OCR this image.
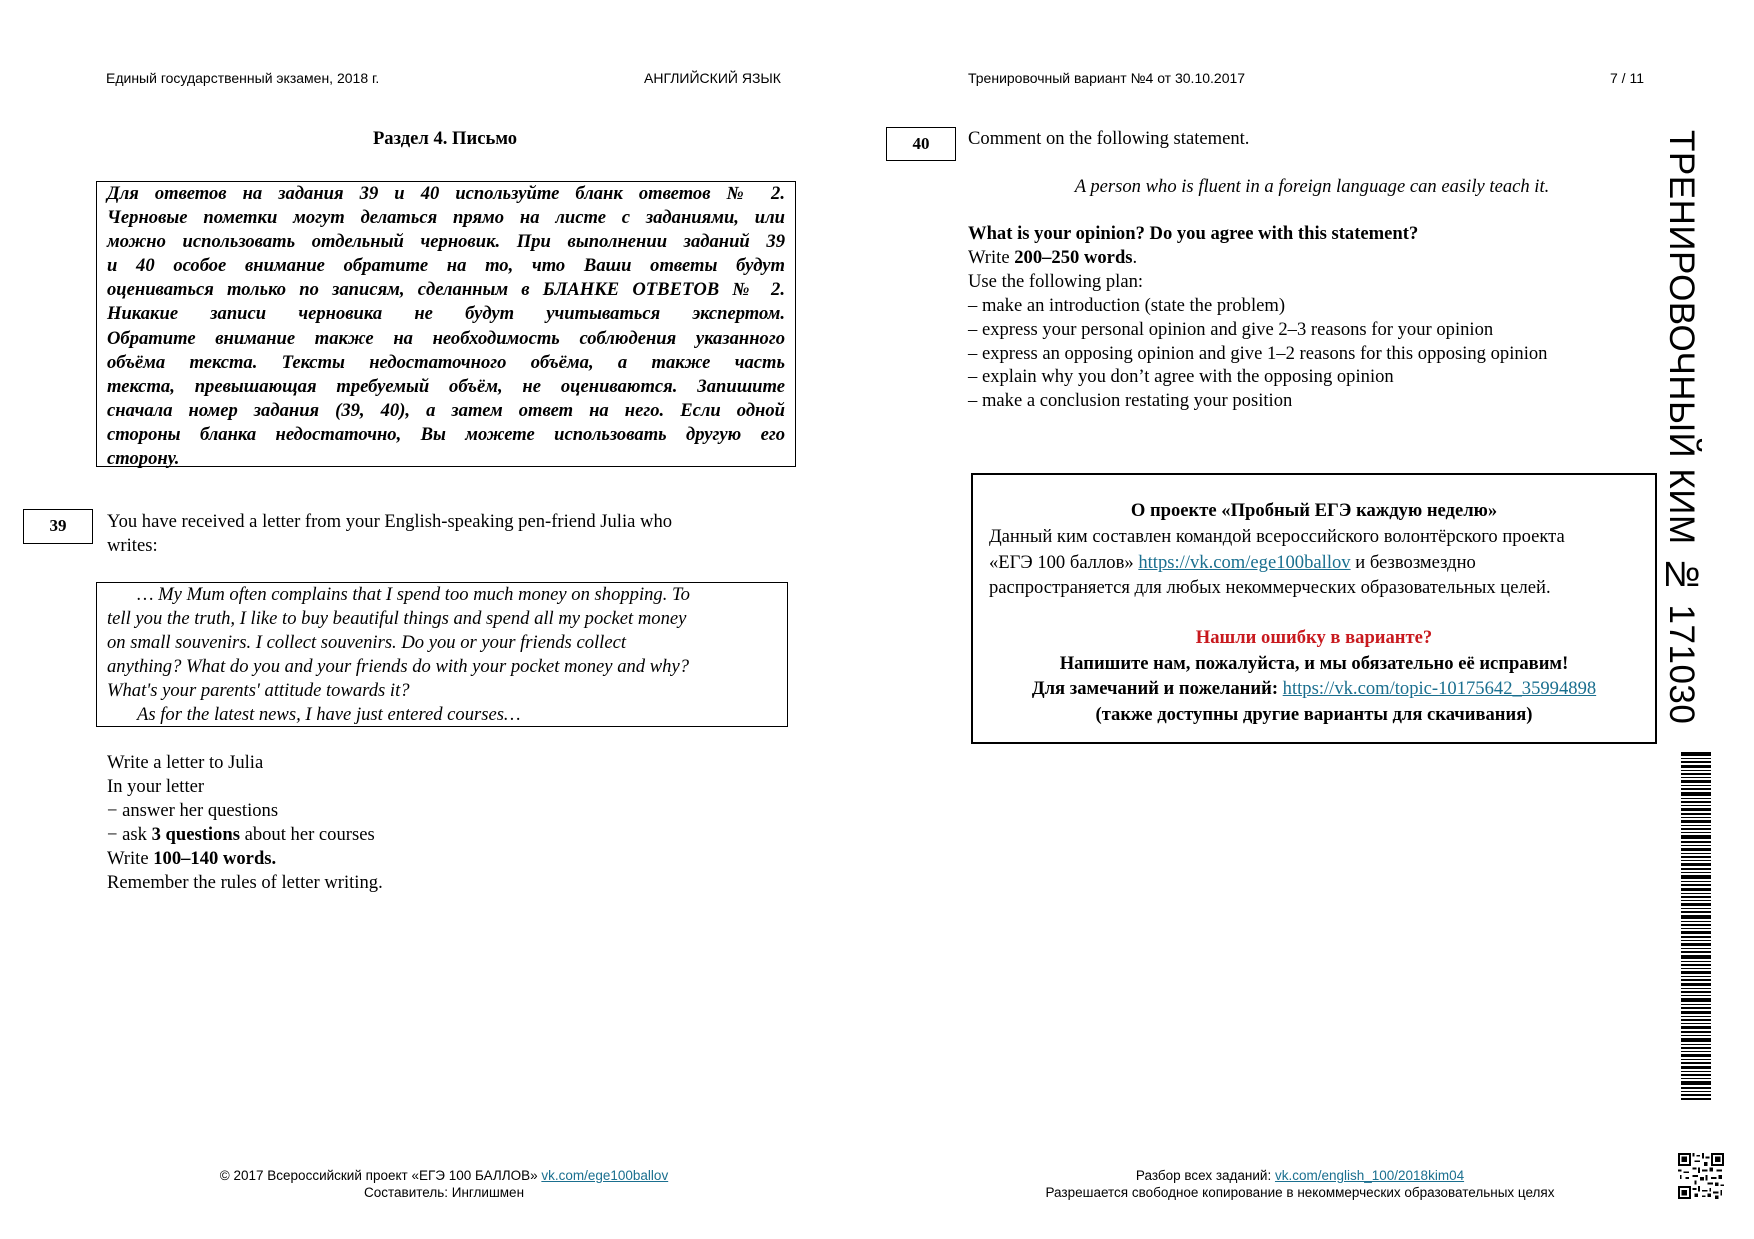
Единый государственный экзамен, 2018 г.	АНГЛИЙСКИЙ ЯЗЫК	Тренировочный вариант №4 от 30.10.2017	7 / 11
Раздел 4. Письмо
Для ответов на задания 39 и 40 используйте бланк ответов № 2.
Черновые пометки могут делаться прямо на листе с заданиями, или
можно использовать отдельный черновик. При выполнении заданий 39
и 40 особое внимание обратите на то, что Ваши ответы будут
оцениваться только по записям, сделанным в БЛАНКЕ ОТВЕТОВ № 2.
Никакие записи черновика не будут учитываться экспертом.
Обратите внимание также на необходимость соблюдения указанного
объёма текста. Тексты недостаточного объёма, а также часть
текста, превышающая требуемый объём, не оцениваются. Запишите
сначала номер задания (39, 40), а затем ответ на него. Если одной
стороны бланка недостаточно, Вы можете использовать другую его
сторону.
39	You have received a letter from your English-speaking pen-friend Julia who
writes:
… My Mum often complains that I spend too much money on shopping. To
tell you the truth, I like to buy beautiful things and spend all my pocket money
on small souvenirs. I collect souvenirs. Do you or your friends collect
anything? What do you and your friends do with your pocket money and why?
What's your parents' attitude towards it?
As for the latest news, I have just entered courses…
Write a letter to Julia
In your letter
− answer her questions
− ask 3 questions about her courses
Write 100–140 words.
Remember the rules of letter writing.
40	Comment on the following statement.
A person who is fluent in a foreign language can easily teach it.
What is your opinion? Do you agree with this statement?
Write 200–250 words.
Use the following plan:
– make an introduction (state the problem)
– express your personal opinion and give 2–3 reasons for your opinion
– express an opposing opinion and give 1–2 reasons for this opposing opinion
– explain why you don’t agree with the opposing opinion
– make a conclusion restating your position
О проекте «Пробный ЕГЭ каждую неделю»
Данный ким составлен командой всероссийского волонтёрского проекта
«ЕГЭ 100 баллов» https://vk.com/ege100ballov и безвозмездно
распространяется для любых некоммерческих образовательных целей.
Нашли ошибку в варианте?
Напишите нам, пожалуйста, и мы обязательно её исправим!
Для замечаний и пожеланий: https://vk.com/topic-10175642_35994898
(также доступны другие варианты для скачивания)	ТРЕНИРОВОЧНЫЙ КИМ № 171030
© 2017 Всероссийский проект «ЕГЭ 100 БАЛЛОВ» vk.com/ege100ballov
Составитель: Инглишмен
Разбор всех заданий: vk.com/english_100/2018kim04
Разрешается свободное копирование в некоммерческих образовательных целях
